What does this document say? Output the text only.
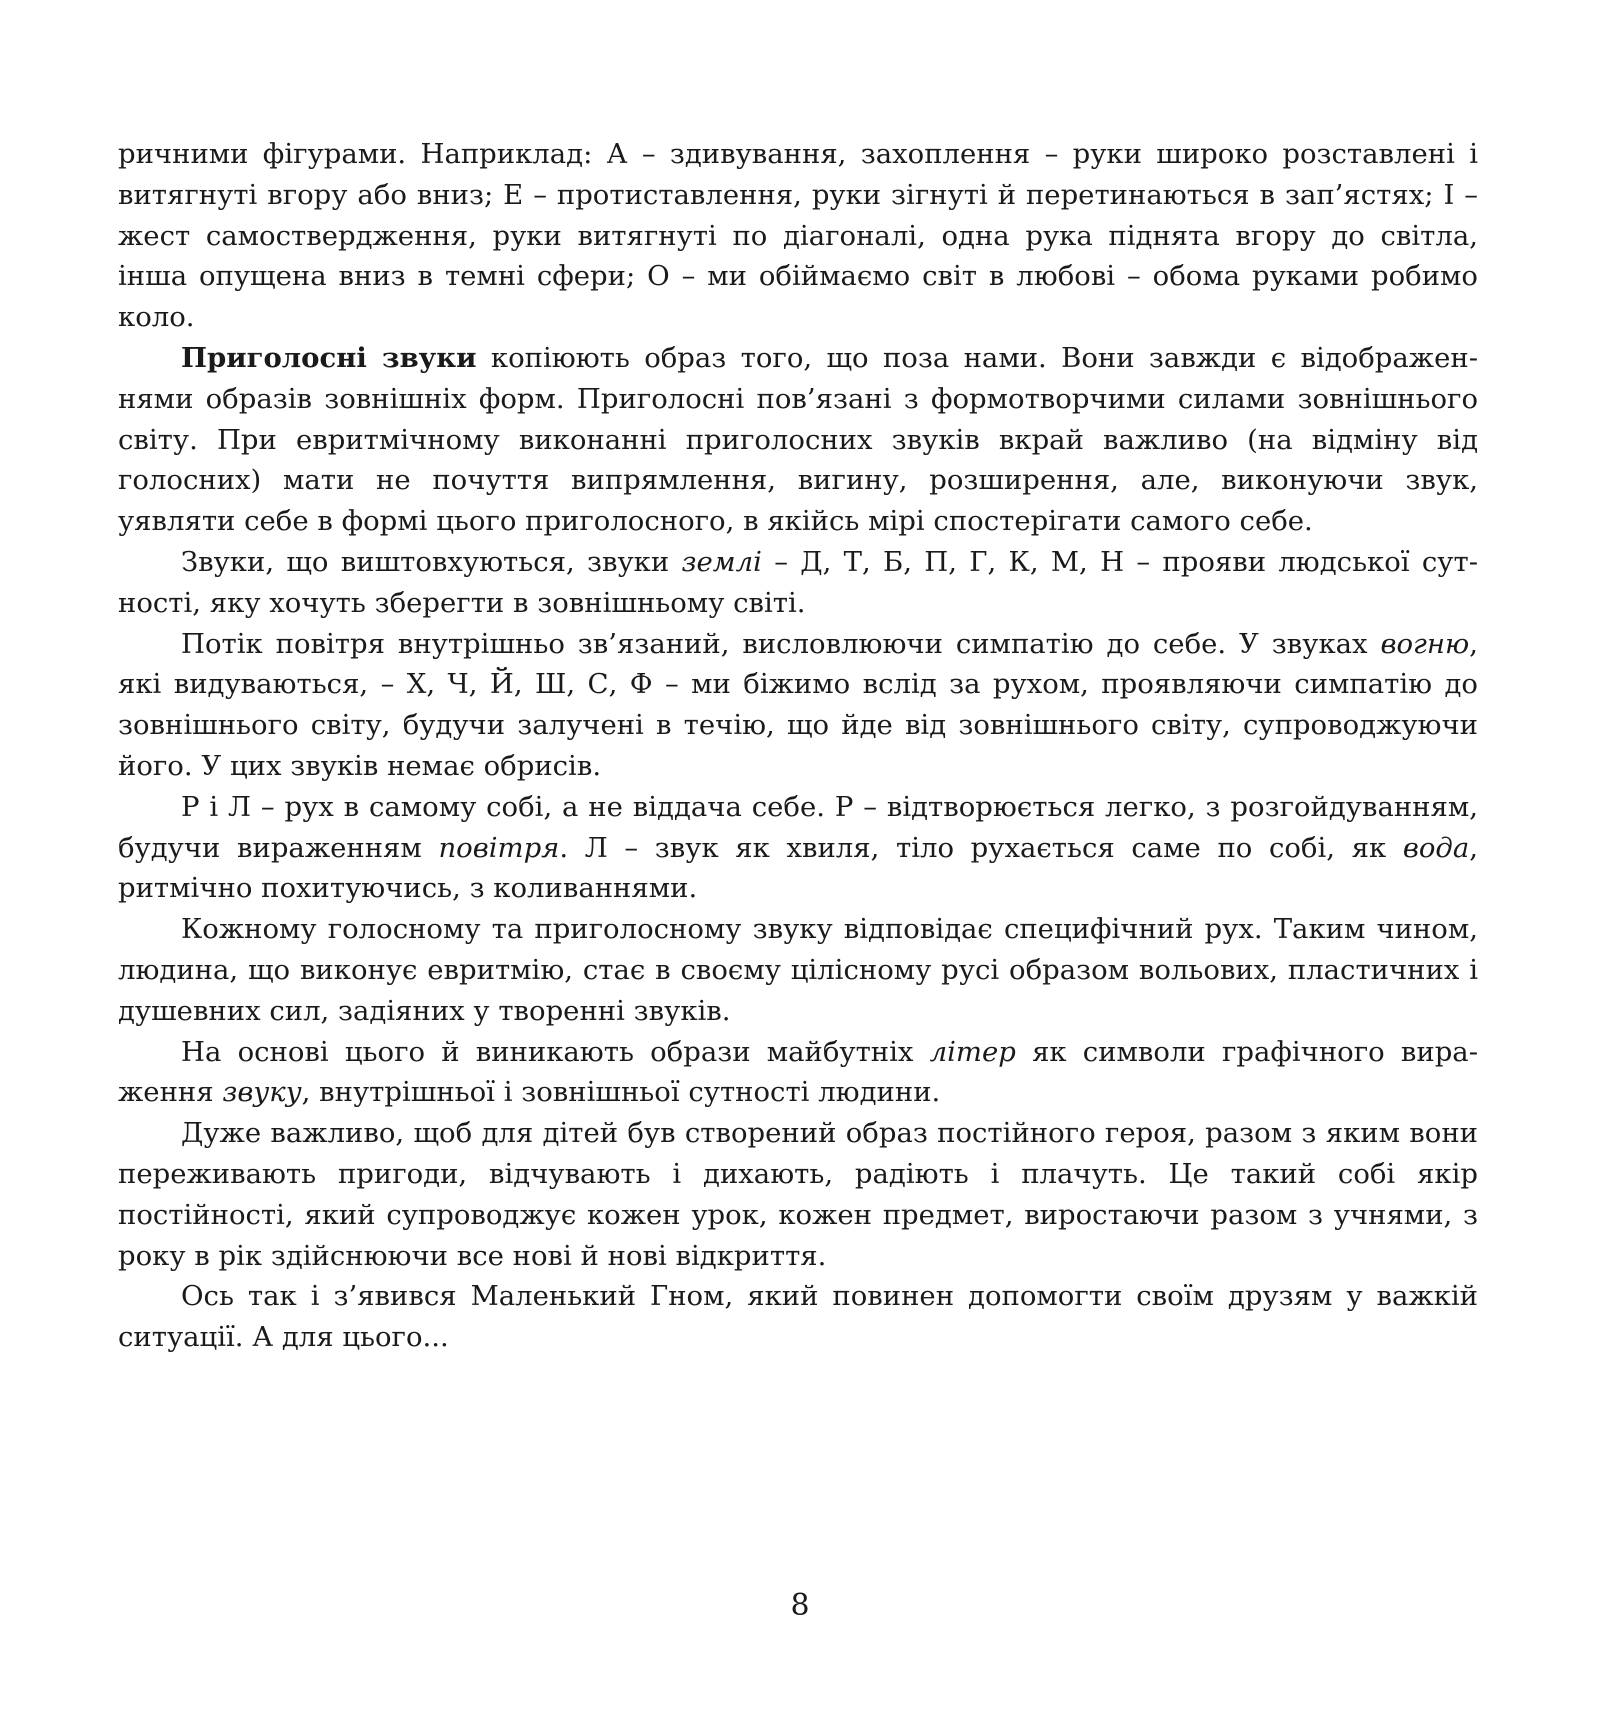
ричними фігурами. Наприклад: А – здивування, захоплення – руки широко розставлені і витягнуті вгору або вниз; Е – протиставлення, руки зігнуті й перетинаються в зап’ястях; І – жест самоствердження, руки витягнуті по діагоналі, одна рука піднята вгору до світла, інша опущена вниз в темні сфери; О – ми обіймаємо світ в любові – обома руками робимо коло.

Приголосні звуки копіюють образ того, що поза нами. Вони завжди є відображеннями образів зовнішніх форм. Приголосні пов’язані з формотворчими силами зовнішнього світу. При евритмічному виконанні приголосних звуків вкрай важливо (на відміну від голосних) мати не почуття випрямлення, вигину, розширення, але, виконуючи звук, уявляти себе в формі цього приголосного, в якійсь мірі спостерігати самого себе.

Звуки, що виштовхуються, звуки землі – Д, Т, Б, П, Г, К, М, Н – прояви людської сутності, яку хочуть зберегти в зовнішньому світі.

Потік повітря внутрішньо зв’язаний, висловлюючи симпатію до себе. У звуках вогню, які видуваються, – Х, Ч, Й, Ш, С, Ф – ми біжимо вслід за рухом, проявляючи симпатію до зовнішнього світу, будучи залучені в течію, що йде від зовнішнього світу, супроводжуючи його. У цих звуків немає обрисів.

Р і Л – рух в самому собі, а не віддача себе. Р – відтворюється легко, з розгойдуванням, будучи вираженням повітря. Л – звук як хвиля, тіло рухається саме по собі, як вода, ритмічно похитуючись, з коливаннями.

Кожному голосному та приголосному звуку відповідає специфічний рух. Таким чином, людина, що виконує евритмію, стає в своєму цілісному русі образом вольових, пластичних і душевних сил, задіяних у творенні звуків.

На основі цього й виникають образи майбутніх літер як символи графічного вираження звуку, внутрішньої і зовнішньої сутності людини.

Дуже важливо, щоб для дітей був створений образ постійного героя, разом з яким вони переживають пригоди, відчувають і дихають, радіють і плачуть. Це такий собі якір постійності, який супроводжує кожен урок, кожен предмет, виростаючи разом з учнями, з року в рік здійснюючи все нові й нові відкриття.

Ось так і з’явився Маленький Гном, який повинен допомогти своїм друзям у важкій ситуації. А для цього...

8
